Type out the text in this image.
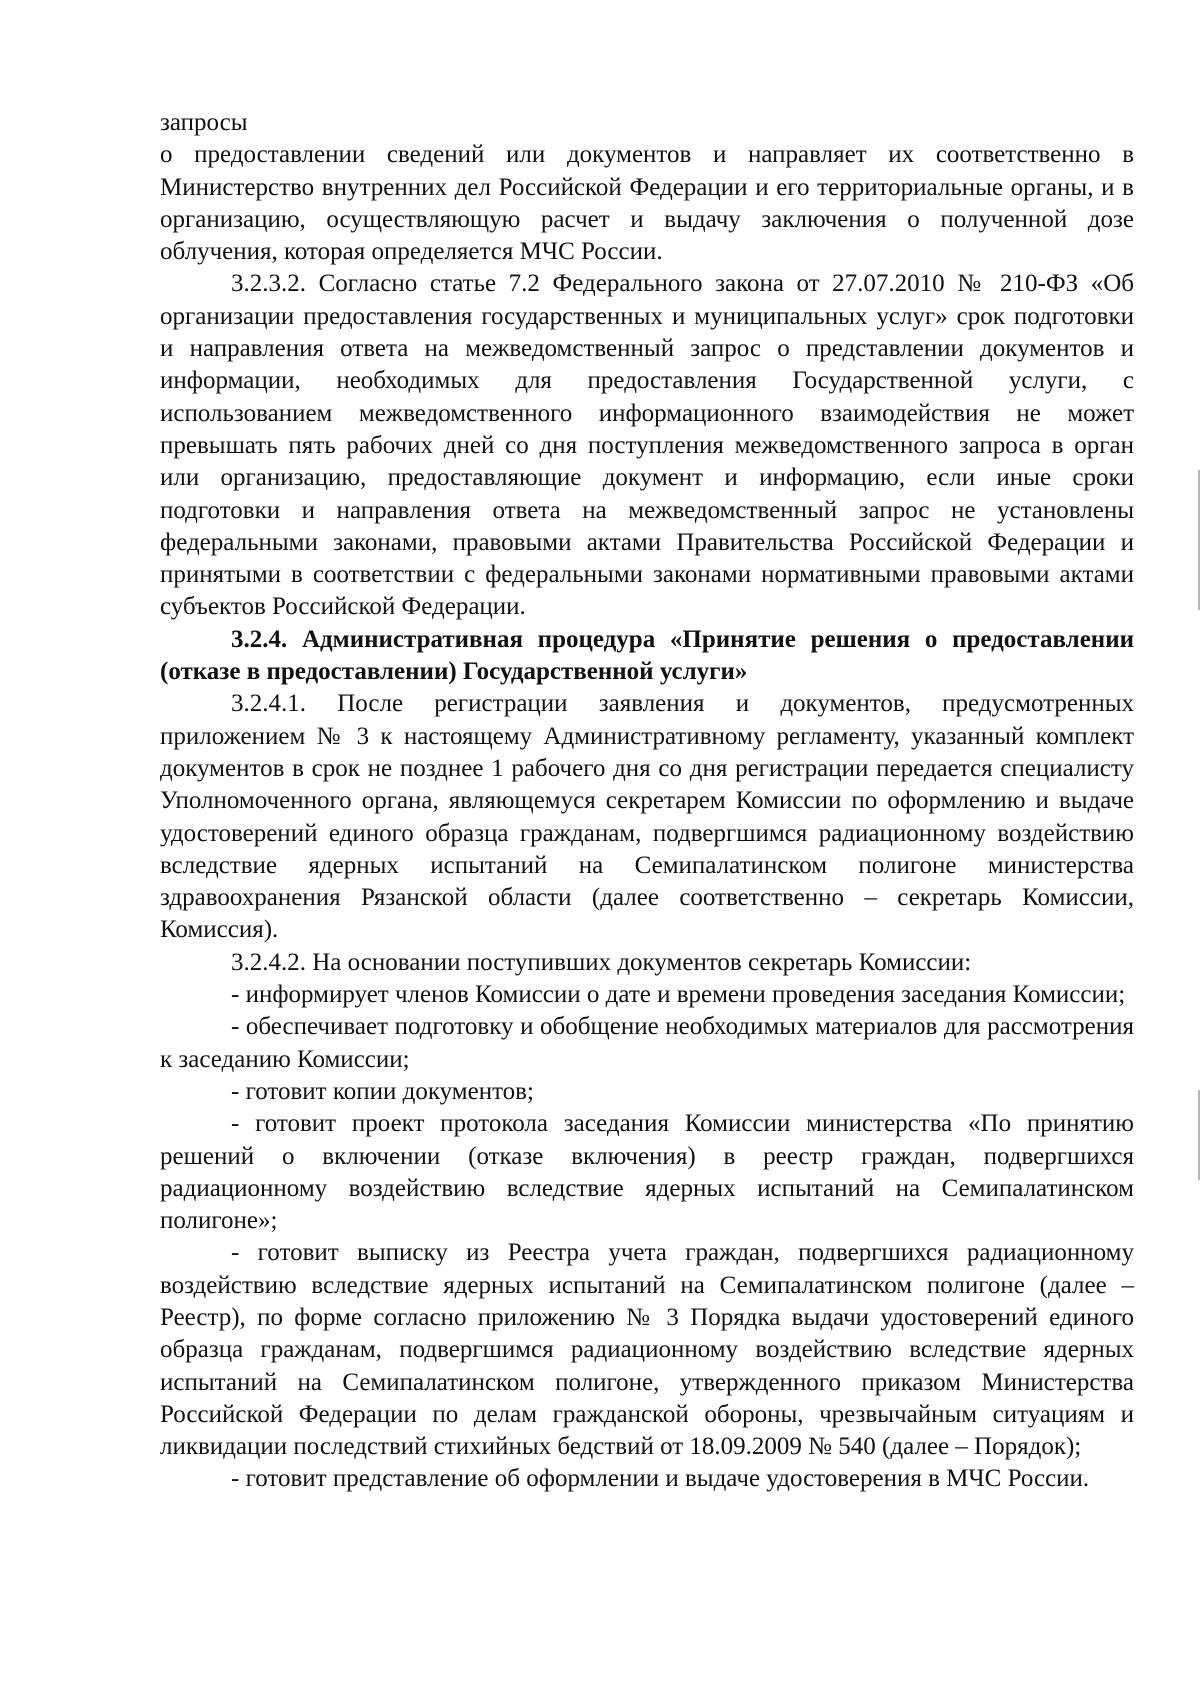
запросы

о предоставлении сведений или документов и направляет их соответственно в Министерство внутренних дел Российской Федерации и его территориальные органы, и в организацию, осуществляющую расчет и выдачу заключения о полученной дозе облучения, которая определяется МЧС России.

3.2.3.2. Согласно статье 7.2 Федерального закона от 27.07.2010 № 210-ФЗ «Об организации предоставления государственных и муниципальных услуг» срок подготовки и направления ответа на межведомственный запрос о представлении документов и информации, необходимых для предоставления Государственной услуги, с использованием межведомственного информационного взаимодействия не может превышать пять рабочих дней со дня поступления межведомственного запроса в орган или организацию, предоставляющие документ и информацию, если иные сроки подготовки и направления ответа на межведомственный запрос не установлены федеральными законами, правовыми актами Правительства Российской Федерации и принятыми в соответствии с федеральными законами нормативными правовыми актами субъектов Российской Федерации.

3.2.4. Административная процедура «Принятие решения о предоставлении (отказе в предоставлении) Государственной услуги»

3.2.4.1. После регистрации заявления и документов, предусмотренных приложением № 3 к настоящему Административному регламенту, указанный комплект документов в срок не позднее 1 рабочего дня со дня регистрации передается специалисту Уполномоченного органа, являющемуся секретарем Комиссии по оформлению и выдаче удостоверений единого образца гражданам, подвергшимся радиационному воздействию вследствие ядерных испытаний на Семипалатинском полигоне министерства здравоохранения Рязанской области (далее соответственно – секретарь Комиссии, Комиссия).

3.2.4.2. На основании поступивших документов секретарь Комиссии:

- информирует членов Комиссии о дате и времени проведения заседания Комиссии;

- обеспечивает подготовку и обобщение необходимых материалов для рассмотрения к заседанию Комиссии;

- готовит копии документов;

- готовит проект протокола заседания Комиссии министерства «По принятию решений о включении (отказе включения) в реестр граждан, подвергшихся радиационному воздействию вследствие ядерных испытаний на Семипалатинском полигоне»;

- готовит выписку из Реестра учета граждан, подвергшихся радиационному воздействию вследствие ядерных испытаний на Семипалатинском полигоне (далее – Реестр), по форме согласно приложению № 3 Порядка выдачи удостоверений единого образца гражданам, подвергшимся радиационному воздействию вследствие ядерных испытаний на Семипалатинском полигоне, утвержденного приказом Министерства Российской Федерации по делам гражданской обороны, чрезвычайным ситуациям и ликвидации последствий стихийных бедствий от 18.09.2009 № 540 (далее – Порядок);

- готовит представление об оформлении и выдаче удостоверения в МЧС России.
